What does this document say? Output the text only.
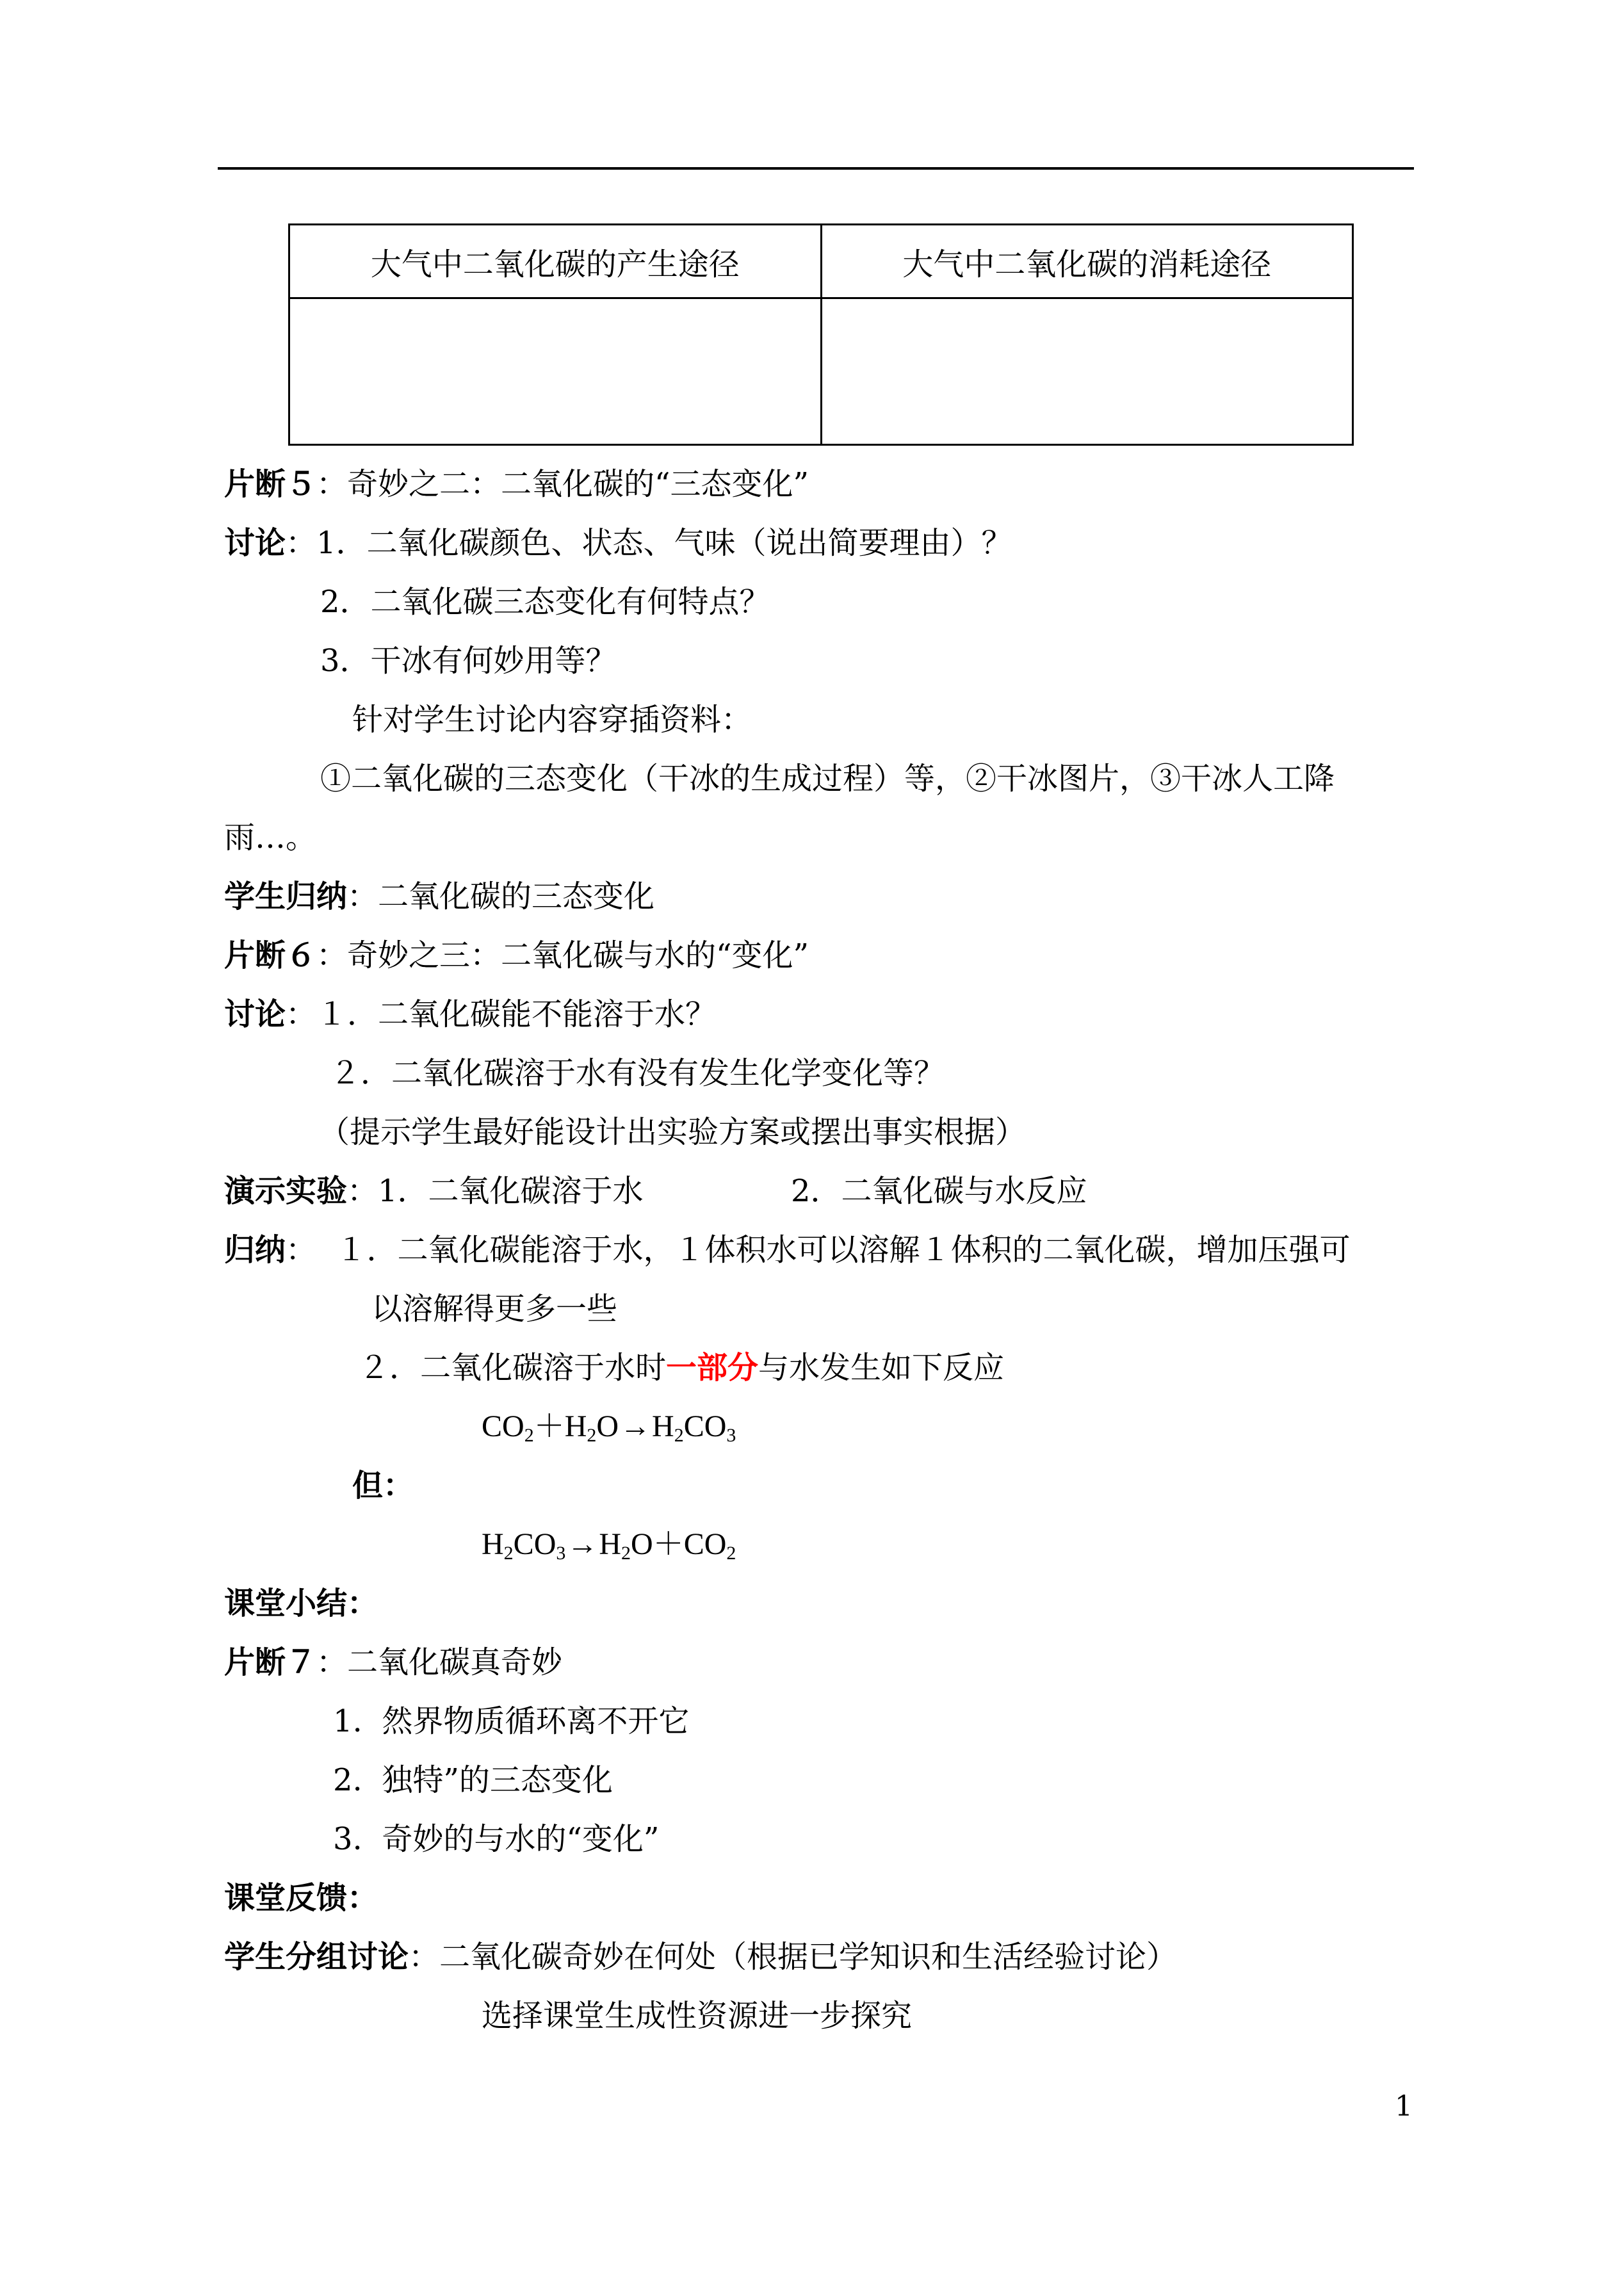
大气中二氧化碳的产生途径	大气中二氧化碳的消耗途径

片断５：奇妙之二：二氧化碳的“三态变化”
讨论：1．二氧化碳颜色、状态、气味（说出简要理由）？
2．二氧化碳三态变化有何特点？
3．干冰有何妙用等？
针对学生讨论内容穿插资料：
①二氧化碳的三态变化（干冰的生成过程）等，②干冰图片，③干冰人工降
雨…。
学生归纳：二氧化碳的三态变化
片断６：奇妙之三：二氧化碳与水的“变化”
讨论：１．二氧化碳能不能溶于水？
２．二氧化碳溶于水有没有发生化学变化等？
（提示学生最好能设计出实验方案或摆出事实根据）
演示实验：1．二氧化碳溶于水	2．二氧化碳与水反应
归纳：  １．二氧化碳能溶于水，１体积水可以溶解１体积的二氧化碳，增加压强可
以溶解得更多一些
２．二氧化碳溶于水时一部分与水发生如下反应
$CO_2+H_2O\to H_2CO_3$
但：
$H_2CO_3\to H_2O+CO_2$
课堂小结：
片断７：二氧化碳真奇妙
1.  然界物质循环离不开它
2.  独特”的三态变化
3.  奇妙的与水的“变化”
课堂反馈：
学生分组讨论：二氧化碳奇妙在何处（根据已学知识和生活经验讨论）
选择课堂生成性资源进一步探究
1
